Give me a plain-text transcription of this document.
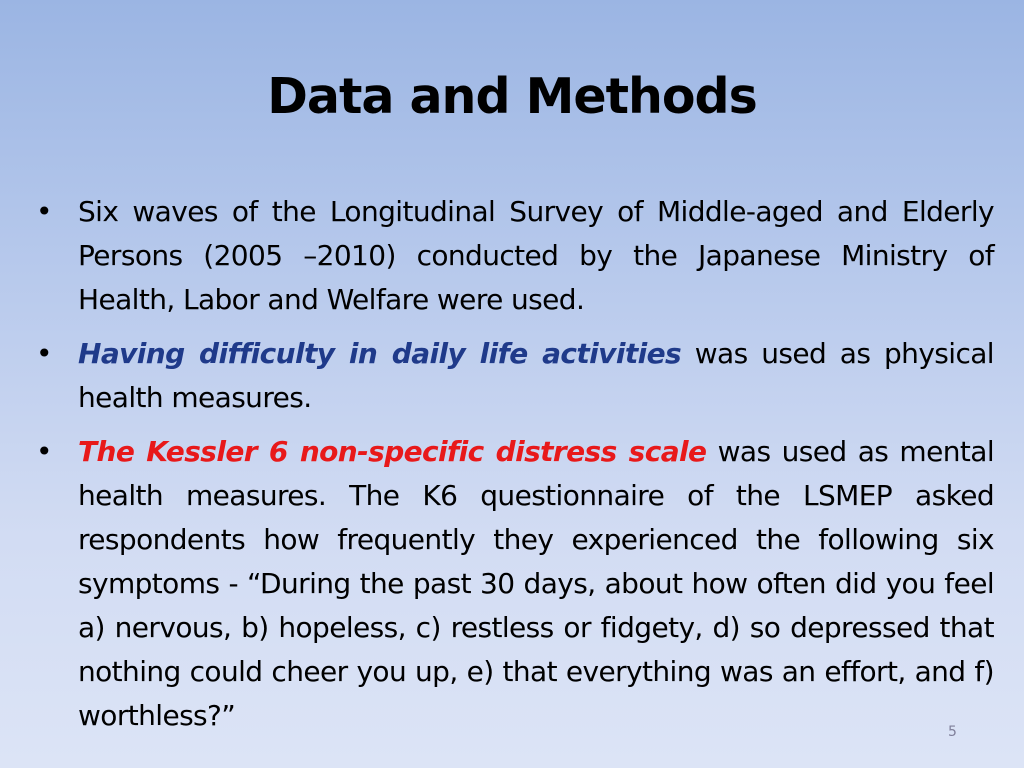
Data and Methods
• Six waves of the Longitudinal Survey of Middle-aged and Elderly Persons (2005 –2010) conducted by the Japanese Ministry of Health, Labor and Welfare were used.
• Having difficulty in daily life activities was used as physical health measures.
• The Kessler 6 non-specific distress scale was used as mental health measures. The K6 questionnaire of the LSMEP asked respondents how frequently they experienced the following six symptoms - “During the past 30 days, about how often did you feel a) nervous, b) hopeless, c) restless or fidgety, d) so depressed that nothing could cheer you up, e) that everything was an effort, and f) worthless?”	5
